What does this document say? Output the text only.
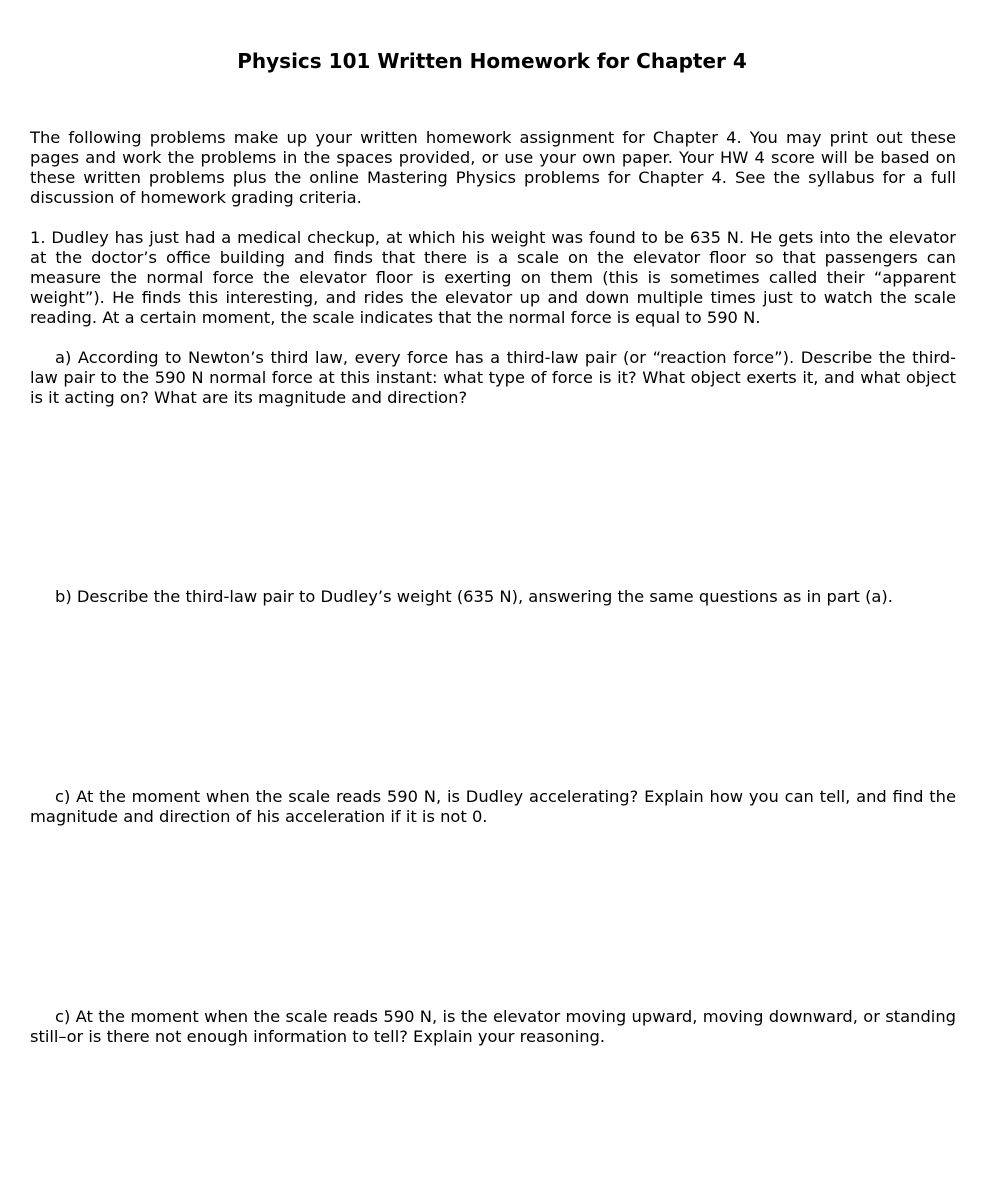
Physics 101 Written Homework for Chapter 4

The following problems make up your written homework assignment for Chapter 4. You may print out these pages and work the problems in the spaces provided, or use your own paper. Your HW 4 score will be based on these written problems plus the online Mastering Physics problems for Chapter 4. See the syllabus for a full discussion of homework grading criteria.

1. Dudley has just had a medical checkup, at which his weight was found to be 635 N. He gets into the elevator at the doctor’s office building and finds that there is a scale on the elevator floor so that passengers can measure the normal force the elevator floor is exerting on them (this is sometimes called their “apparent weight”). He finds this interesting, and rides the elevator up and down multiple times just to watch the scale reading. At a certain moment, the scale indicates that the normal force is equal to 590 N.

a) According to Newton’s third law, every force has a third-law pair (or “reaction force”). Describe the third-law pair to the 590 N normal force at this instant: what type of force is it? What object exerts it, and what object is it acting on? What are its magnitude and direction?

b) Describe the third-law pair to Dudley’s weight (635 N), answering the same questions as in part (a).

c) At the moment when the scale reads 590 N, is Dudley accelerating? Explain how you can tell, and find the magnitude and direction of his acceleration if it is not 0.

c) At the moment when the scale reads 590 N, is the elevator moving upward, moving downward, or standing still–or is there not enough information to tell? Explain your reasoning.
